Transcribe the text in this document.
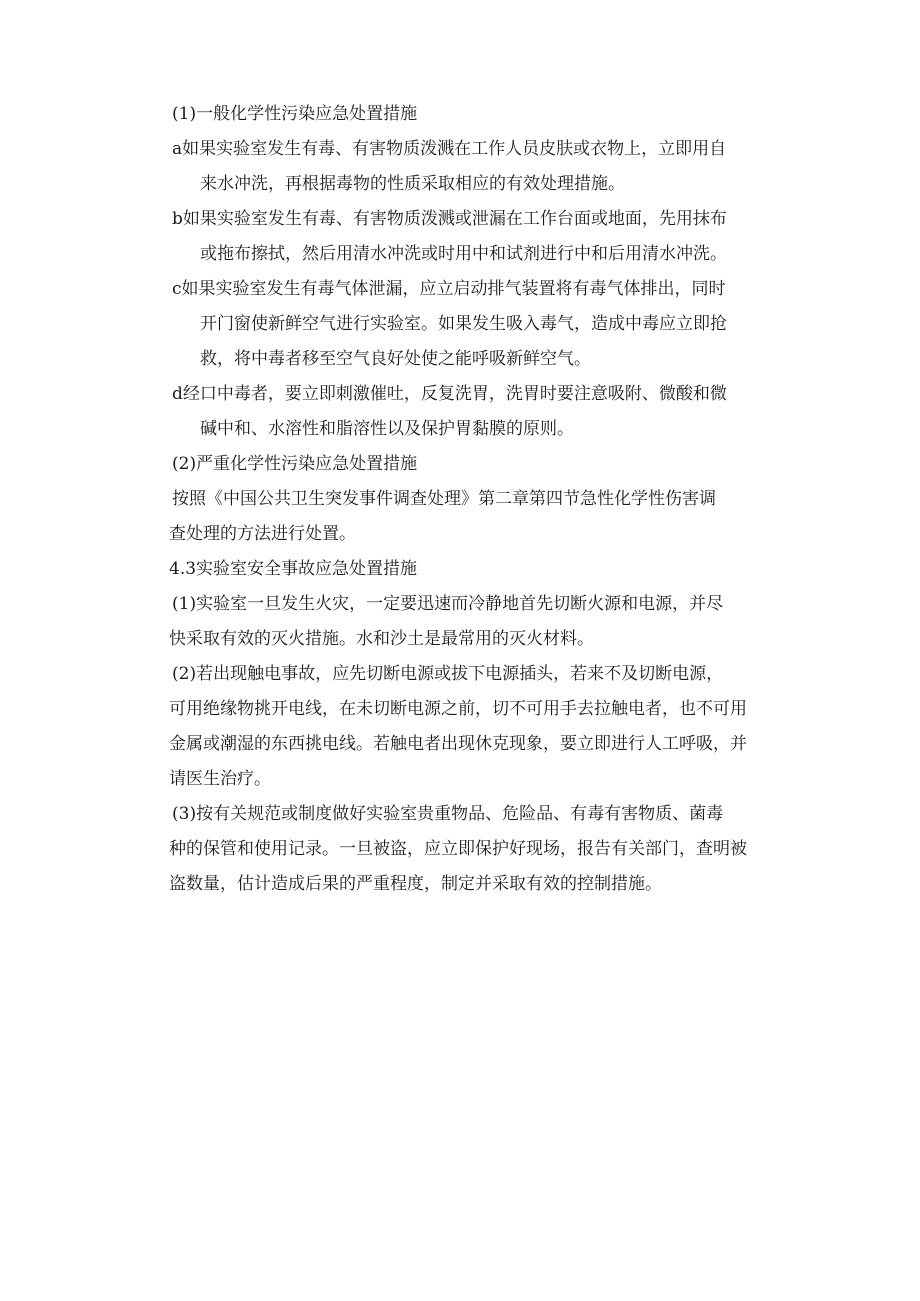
(1)一般化学性污染应急处置措施

a如果实验室发生有毒、有害物质泼溅在工作人员皮肤或衣物上，立即用自

来水冲洗，再根据毒物的性质采取相应的有效处理措施。

b如果实验室发生有毒、有害物质泼溅或泄漏在工作台面或地面，先用抹布

或拖布擦拭，然后用清水冲洗或时用中和试剂进行中和后用清水冲洗。

c如果实验室发生有毒气体泄漏，应立启动排气装置将有毒气体排出，同时

开门窗使新鲜空气进行实验室。如果发生吸入毒气，造成中毒应立即抢

救，将中毒者移至空气良好处使之能呼吸新鲜空气。

d经口中毒者，要立即刺激催吐，反复洗胃，洗胃时要注意吸附、微酸和微

碱中和、水溶性和脂溶性以及保护胃黏膜的原则。

(2)严重化学性污染应急处置措施

按照《中国公共卫生突发事件调查处理》第二章第四节急性化学性伤害调

查处理的方法进行处置。

4.3实验室安全事故应急处置措施

(1)实验室一旦发生火灾，一定要迅速而冷静地首先切断火源和电源，并尽

快采取有效的灭火措施。水和沙土是最常用的灭火材料。

(2)若出现触电事故，应先切断电源或拔下电源插头，若来不及切断电源，

可用绝缘物挑开电线，在未切断电源之前，切不可用手去拉触电者，也不可用

金属或潮湿的东西挑电线。若触电者出现休克现象，要立即进行人工呼吸，并

请医生治疗。

(3)按有关规范或制度做好实验室贵重物品、危险品、有毒有害物质、菌毒

种的保管和使用记录。一旦被盗，应立即保护好现场，报告有关部门，查明被

盗数量，估计造成后果的严重程度，制定并采取有效的控制措施。
